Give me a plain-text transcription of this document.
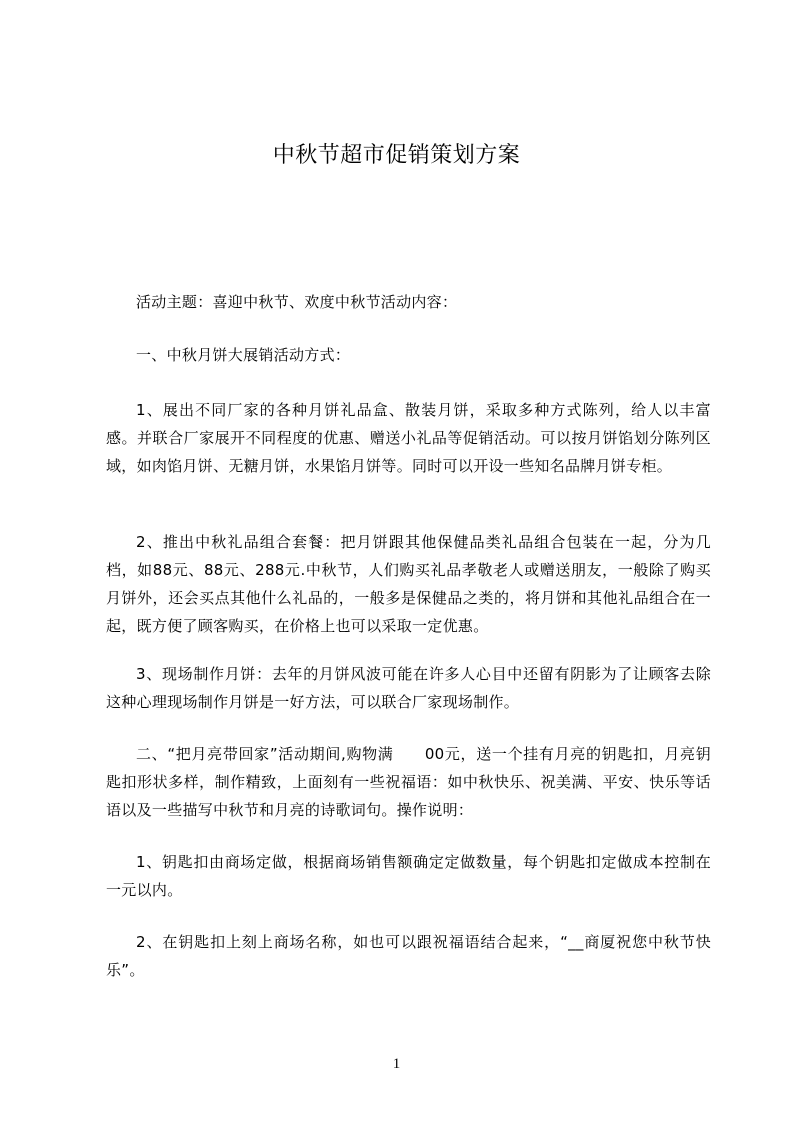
中秋节超市促销策划方案

活动主题：喜迎中秋节、欢度中秋节活动内容：

一、中秋月饼大展销活动方式：

1、展出不同厂家的各种月饼礼品盒、散装月饼，采取多种方式陈列，给人以丰富感。并联合厂家展开不同程度的优惠、赠送小礼品等促销活动。可以按月饼馅划分陈列区域，如肉馅月饼、无糖月饼，水果馅月饼等。同时可以开设一些知名品牌月饼专柜。

2、推出中秋礼品组合套餐：把月饼跟其他保健品类礼品组合包装在一起，分为几档，如88元、88元、288元.中秋节，人们购买礼品孝敬老人或赠送朋友，一般除了购买月饼外，还会买点其他什么礼品的，一般多是保健品之类的，将月饼和其他礼品组合在一起，既方便了顾客购买，在价格上也可以采取一定优惠。

3、现场制作月饼：去年的月饼风波可能在许多人心目中还留有阴影为了让顾客去除这种心理现场制作月饼是一好方法，可以联合厂家现场制作。

二、“把月亮带回家”活动期间,购物满　　00元，送一个挂有月亮的钥匙扣，月亮钥匙扣形状多样，制作精致，上面刻有一些祝福语：如中秋快乐、祝美满、平安、快乐等话语以及一些描写中秋节和月亮的诗歌词句。操作说明：

1、钥匙扣由商场定做，根据商场销售额确定定做数量，每个钥匙扣定做成本控制在一元以内。

2、在钥匙扣上刻上商场名称，如也可以跟祝福语结合起来，“__商厦祝您中秋节快乐”。

1
